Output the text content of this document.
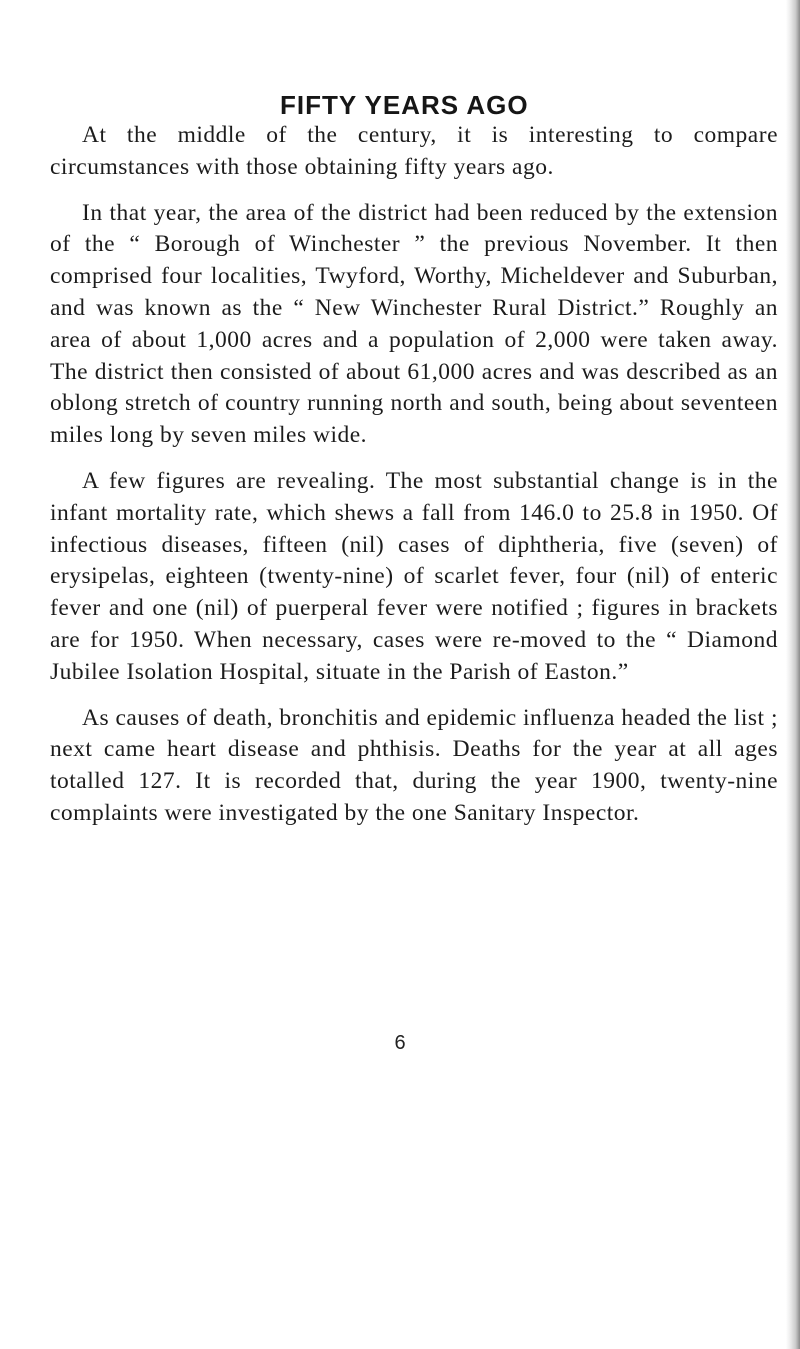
FIFTY YEARS AGO

At the middle of the century, it is interesting to compare circumstances with those obtaining fifty years ago.

In that year, the area of the district had been reduced by the extension of the “ Borough of Winchester ” the previous November. It then comprised four localities, Twyford, Worthy, Micheldever and Suburban, and was known as the “ New Winchester Rural District.” Roughly an area of about 1,000 acres and a population of 2,000 were taken away. The district then consisted of about 61,000 acres and was described as an oblong stretch of country running north and south, being about seventeen miles long by seven miles wide.

A few figures are revealing. The most substantial change is in the infant mortality rate, which shews a fall from 146.0 to 25.8 in 1950. Of infectious diseases, fifteen (nil) cases of diphtheria, five (seven) of erysipelas, eighteen (twenty-nine) of scarlet fever, four (nil) of enteric fever and one (nil) of puerperal fever were notified ; figures in brackets are for 1950. When necessary, cases were re-moved to the “ Diamond Jubilee Isolation Hospital, situate in the Parish of Easton.”

As causes of death, bronchitis and epidemic influenza headed the list ; next came heart disease and phthisis. Deaths for the year at all ages totalled 127. It is recorded that, during the year 1900, twenty-nine complaints were investigated by the one Sanitary Inspector.

6
